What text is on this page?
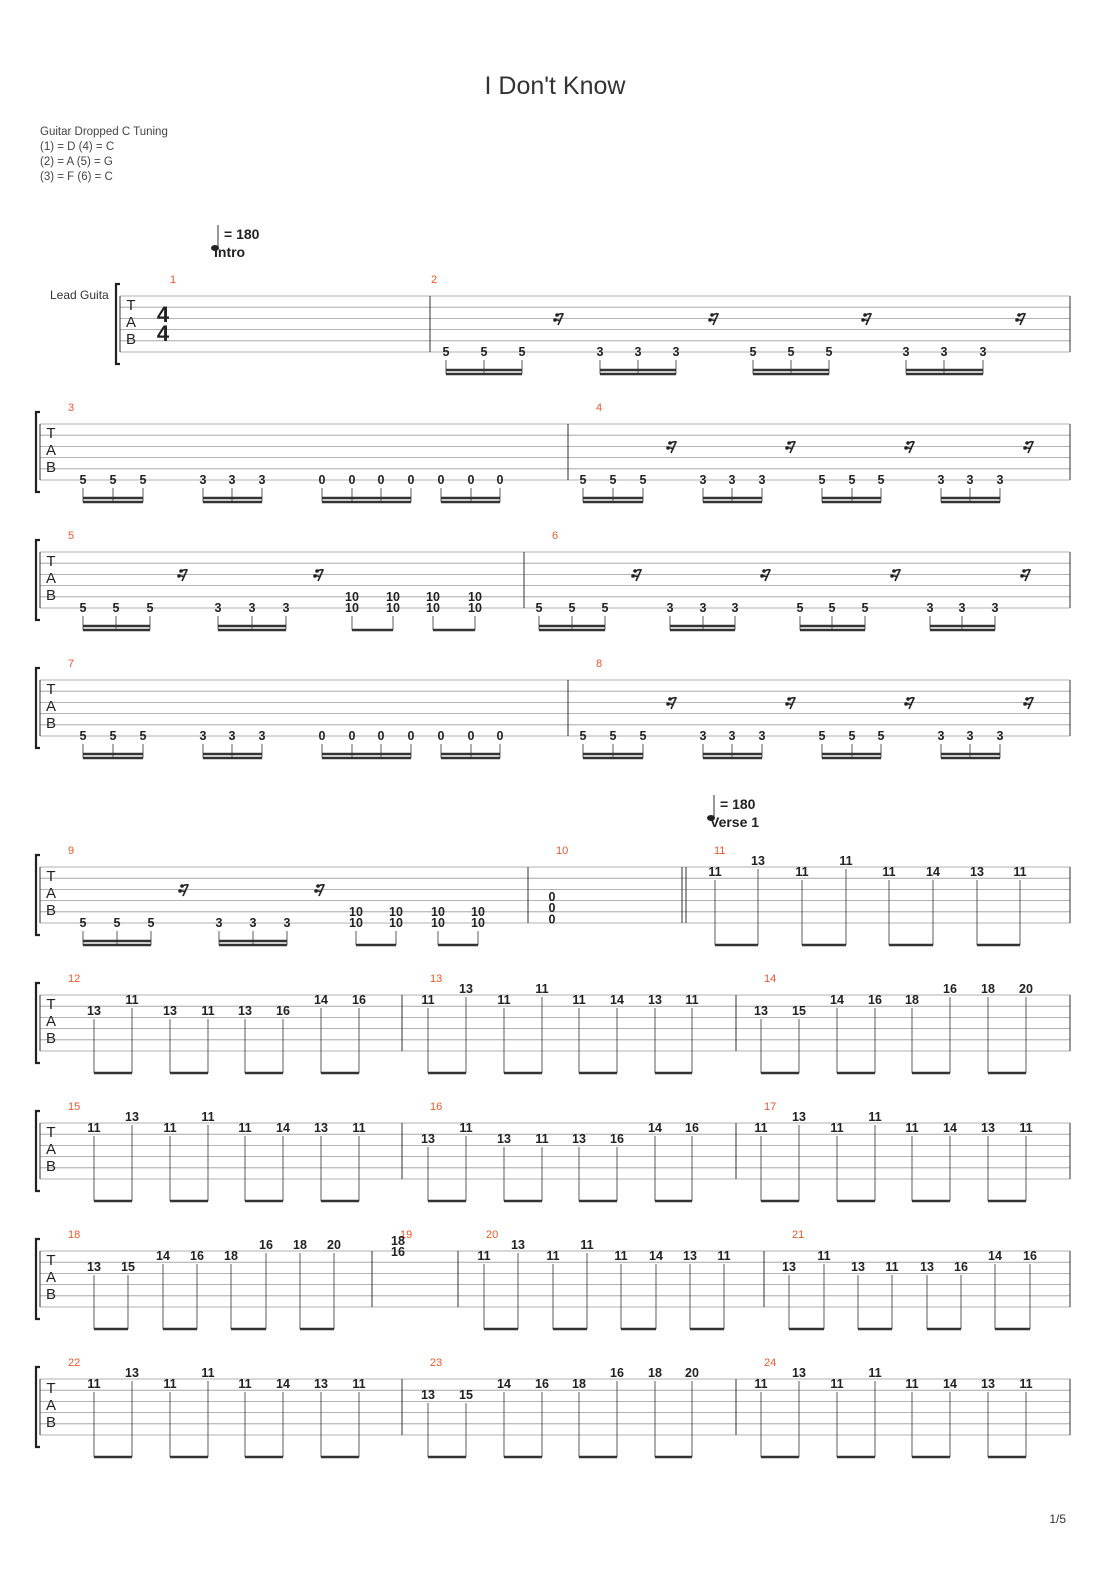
I Don't Know
Guitar Dropped C Tuning
(1) = D (4) = C
(2) = A (5) = G
(3) = F (6) = C
T
A
B
1	2
4
4
Lead Guita
5 5 5	3 3 3	5 5 5	3 3	3
T
A
B
3	4
5 5 5	3 3 3	0 0 0 0 0 0 0	5 5 5	3 3 3	5 5 5	3 3 3
T
A
B
5	6
5 5 5	3 3 3
10
10
10
10
10
10
10
10	5 5 5	3 3 3	5 5 5	3 3 3
T
A
B
7	8
5 5 5	3 3 3	0 0 0 0 0 0 0	5 5 5	3 3 3	5 5 5	3 3 3
T
A
B
9	10	11
5 5 5	3 3 3
10
10
10
10
10
10
10
10
0
0
0
11
13
11
11
11 14 13 11
T
A
B
12	13	14
13
11
13 11 13 16
14 16	11
13
11
11
11 14 13 11
13 15
14 16 18
16 18 20
T
A
B
15	16	17
11
13
11
11
11 14 13 11
13
11
13 11 13 16
14 16	11
13
11
11
11 14 13 11
T
A
B
18	19	20	21
13 15
14 16 18
16 18 20	18
16	11
13
11
11
11 14 13 11
13
11
13 11 13 16
14 16
T
A
B
22	23	24
11
13
11
11
11 14 13 11
13 15
14 16 18
16 18 20
11
13
11
11
11 14 13 11
= 180
Intro
= 180
Verse 1
1/5
